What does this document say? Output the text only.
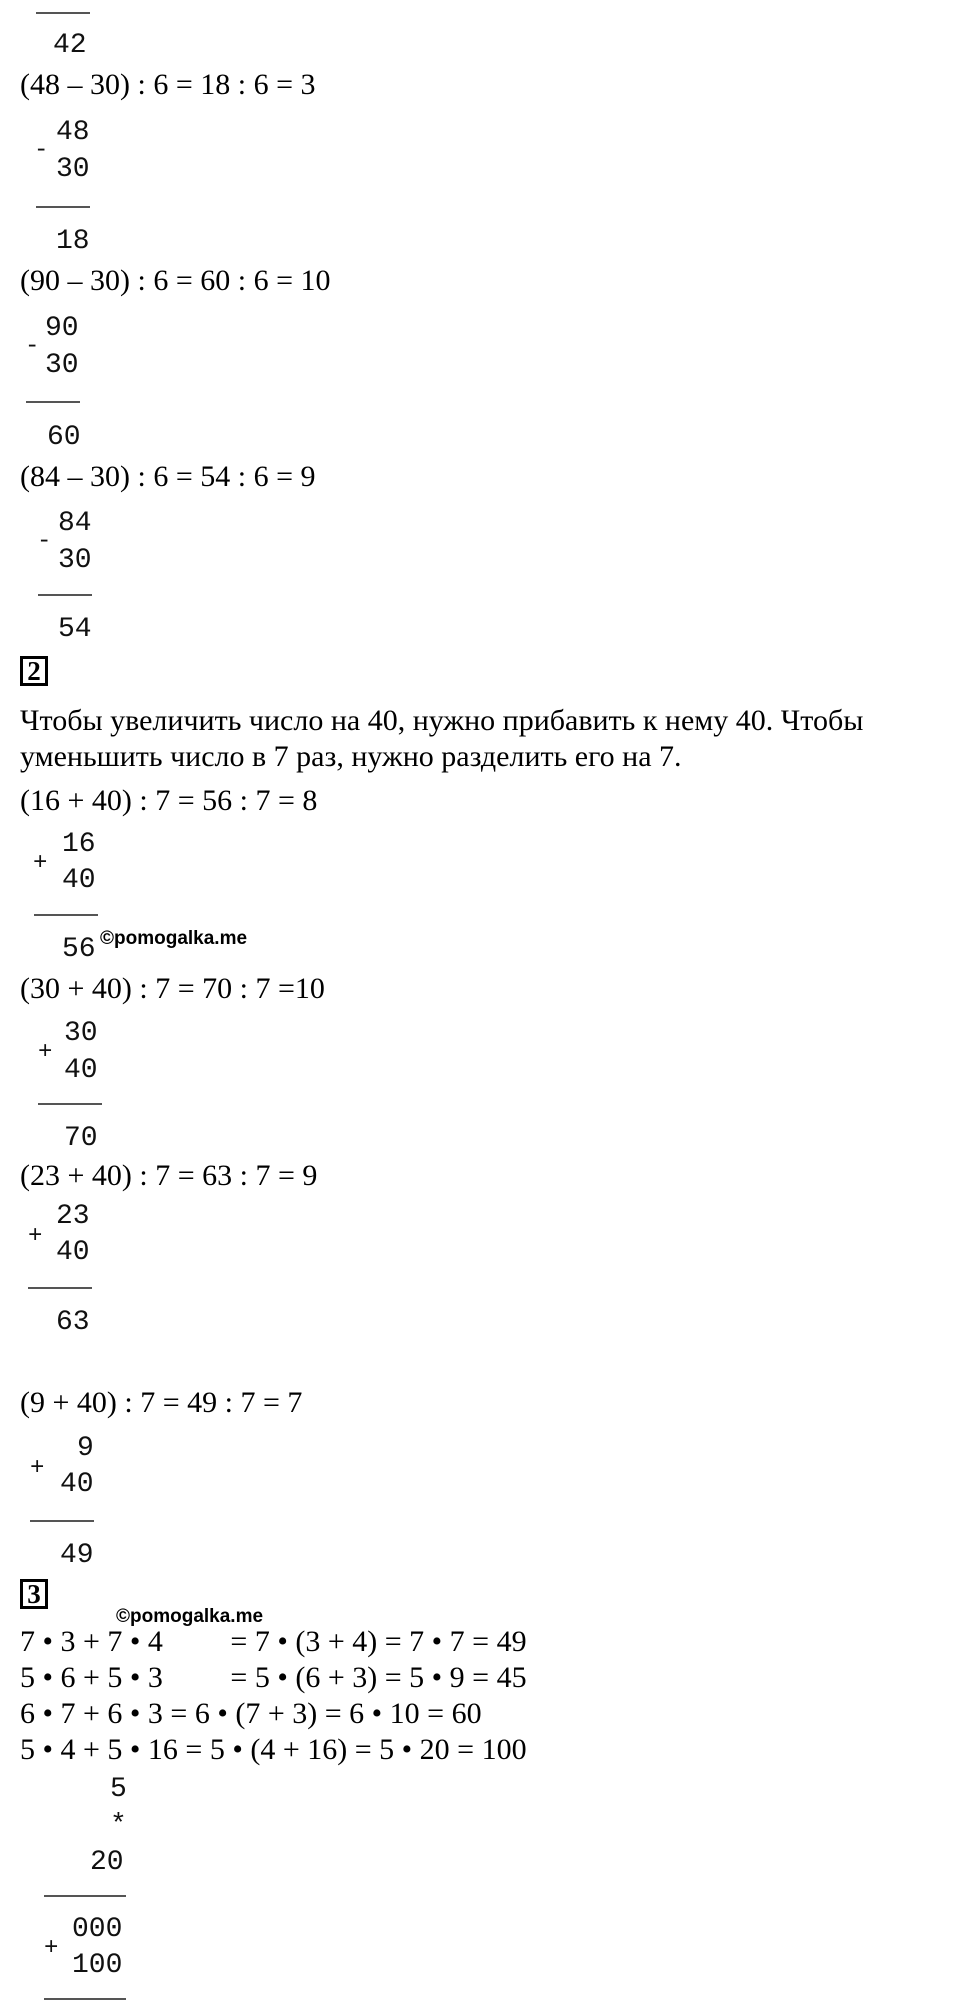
42
(48 – 30) : 6 = 18 : 6 = 3
-
48
30
18
(90 – 30) : 6 = 60 : 6 = 10
-
90
30
60
(84 – 30) : 6 = 54 : 6 = 9
-
84
30
54
2
Чтобы увеличить число на 40, нужно прибавить к нему 40. Чтобы
уменьшить число в 7 раз, нужно разделить его на 7.
(16 + 40) : 7 = 56 : 7 = 8
+
16
40
56 ©pomogalka.me
(30 + 40) : 7 = 70 : 7 =10
+
30
40
70
(23 + 40) : 7 = 63 : 7 = 9
+
23
40
63
(9 + 40) : 7 = 49 : 7 = 7
+
9
40
49
3
©pomogalka.me
7 • 3 + 7 • 4         = 7 • (3 + 4) = 7 • 7 = 49
5 • 6 + 5 • 3         = 5 • (6 + 3) = 5 • 9 = 45
6 • 7 + 6 • 3 = 6 • (7 + 3) = 6 • 10 = 60
5 • 4 + 5 • 16 = 5 • (4 + 16) = 5 • 20 = 100
5
*
20
+
000
100
